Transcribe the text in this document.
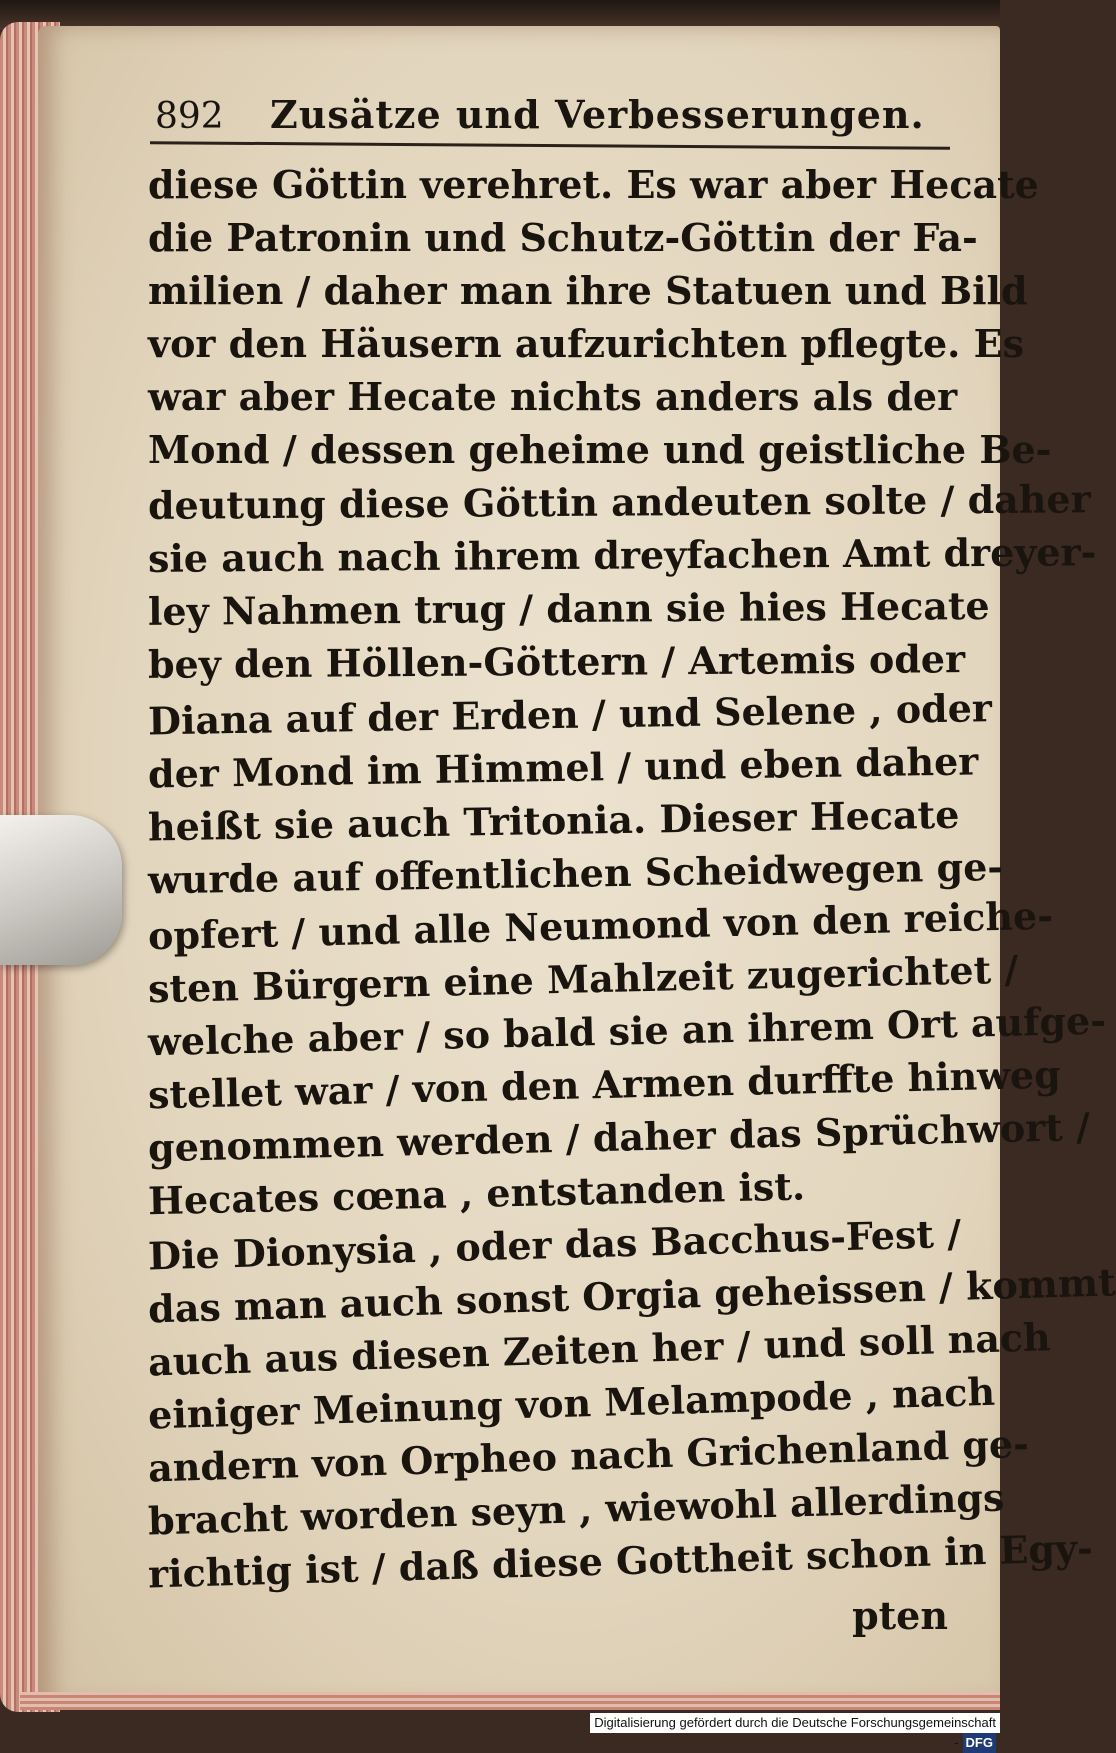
892 Zusätze und Verbesserungen.
diese Göttin verehret. Es war aber Hecate
die Patronin und Schutz-Göttin der Fa-
milien / daher man ihre Statuen und Bild
vor den Häusern aufzurichten pflegte. Es
war aber Hecate nichts anders als der
Mond / dessen geheime und geistliche Be-
deutung diese Göttin andeuten solte / daher
sie auch nach ihrem dreyfachen Amt dreyer-
ley Nahmen trug / dann sie hies Hecate
bey den Höllen-Göttern / Artemis oder
Diana auf der Erden / und Selene , oder
der Mond im Himmel / und eben daher
heißt sie auch Tritonia. Dieser Hecate
wurde auf offentlichen Scheidwegen ge-
opfert / und alle Neumond von den reiche-
sten Bürgern eine Mahlzeit zugerichtet /
welche aber / so bald sie an ihrem Ort aufge-
stellet war / von den Armen durffte hinweg
genommen werden / daher das Sprüchwort /
Hecates cœna , entstanden ist.
Die Dionysia , oder das Bacchus-Fest /
das man auch sonst Orgia geheissen / kommt
auch aus diesen Zeiten her / und soll nach
einiger Meinung von Melampode , nach
andern von Orpheo nach Grichenland ge-
bracht worden seyn , wiewohl allerdings
richtig ist / daß diese Gottheit schon in Egy-
pten
Digitalisierung gefördert durch die Deutsche Forschungsgemeinschaft - DFG
